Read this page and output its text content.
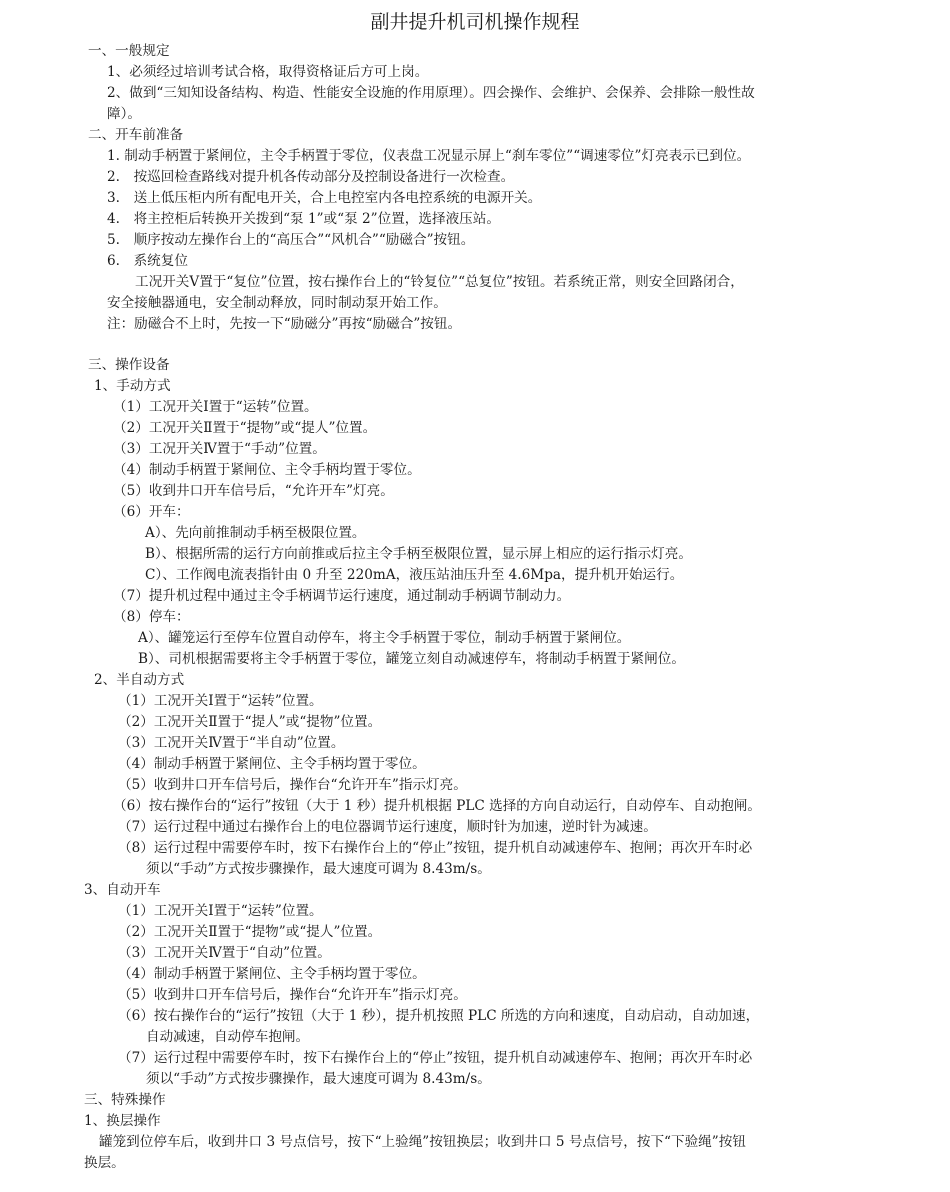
副井提升机司机操作规程
一、一般规定
1、必须经过培训考试合格，取得资格证后方可上岗。
2、做到“三知知设备结构、构造、性能安全设施的作用原理）。四会操作、会维护、会保养、会排除一般性故
障）。
二、开车前准备
1. 制动手柄置于紧闸位，主令手柄置于零位，仪表盘工况显示屏上“刹车零位”“调速零位”灯亮表示已到位。
2.　按巡回检查路线对提升机各传动部分及控制设备进行一次检查。
3.　送上低压柜内所有配电开关，合上电控室内各电控系统的电源开关。
4.　将主控柜后转换开关拨到“泵 1”或“泵 2”位置，选择液压站。
5.　顺序按动左操作台上的“高压合”“风机合”“励磁合”按钮。
6.　系统复位
工况开关Ⅴ置于“复位”位置，按右操作台上的“铃复位”“总复位”按钮。若系统正常，则安全回路闭合，
安全接触器通电，安全制动释放，同时制动泵开始工作。
注：励磁合不上时，先按一下“励磁分”再按“励磁合”按钮。
三、操作设备
1、手动方式
（1）工况开关Ⅰ置于“运转”位置。
（2）工况开关Ⅱ置于“提物”或“提人”位置。
（3）工况开关Ⅳ置于“手动”位置。
（4）制动手柄置于紧闸位、主令手柄均置于零位。
（5）收到井口开车信号后，“允许开车”灯亮。
（6）开车：
A）、先向前推制动手柄至极限位置。
B）、根据所需的运行方向前推或后拉主令手柄至极限位置，显示屏上相应的运行指示灯亮。
C）、工作阀电流表指针由 0 升至 220mA，液压站油压升至 4.6Mpa，提升机开始运行。
（7）提升机过程中通过主令手柄调节运行速度，通过制动手柄调节制动力。
（8）停车：
A）、罐笼运行至停车位置自动停车，将主令手柄置于零位，制动手柄置于紧闸位。
B）、司机根据需要将主令手柄置于零位，罐笼立刻自动减速停车，将制动手柄置于紧闸位。
2、半自动方式
（1）工况开关Ⅰ置于“运转”位置。
（2）工况开关Ⅱ置于“提人”或“提物”位置。
（3）工况开关Ⅳ置于“半自动”位置。
（4）制动手柄置于紧闸位、主令手柄均置于零位。
（5）收到井口开车信号后，操作台“允许开车”指示灯亮。
（6）按右操作台的“运行”按钮（大于 1 秒）提升机根据 PLC 选择的方向自动运行，自动停车、自动抱闸。
（7）运行过程中通过右操作台上的电位器调节运行速度，顺时针为加速，逆时针为减速。
（8）运行过程中需要停车时，按下右操作台上的“停止”按钮，提升机自动减速停车、抱闸；再次开车时必
须以“手动”方式按步骤操作，最大速度可调为 8.43m/s。
3、自动开车
（1）工况开关Ⅰ置于“运转”位置。
（2）工况开关Ⅱ置于“提物”或“提人”位置。
（3）工况开关Ⅳ置于“自动”位置。
（4）制动手柄置于紧闸位、主令手柄均置于零位。
（5）收到井口开车信号后，操作台“允许开车”指示灯亮。
（6）按右操作台的“运行”按钮（大于 1 秒），提升机按照 PLC 所选的方向和速度，自动启动，自动加速，
自动减速，自动停车抱闸。
（7）运行过程中需要停车时，按下右操作台上的“停止”按钮，提升机自动减速停车、抱闸；再次开车时必
须以“手动”方式按步骤操作，最大速度可调为 8.43m/s。
三、特殊操作
1、换层操作
罐笼到位停车后，收到井口 3 号点信号，按下“上验绳”按钮换层；收到井口 5 号点信号，按下“下验绳”按钮
换层。
